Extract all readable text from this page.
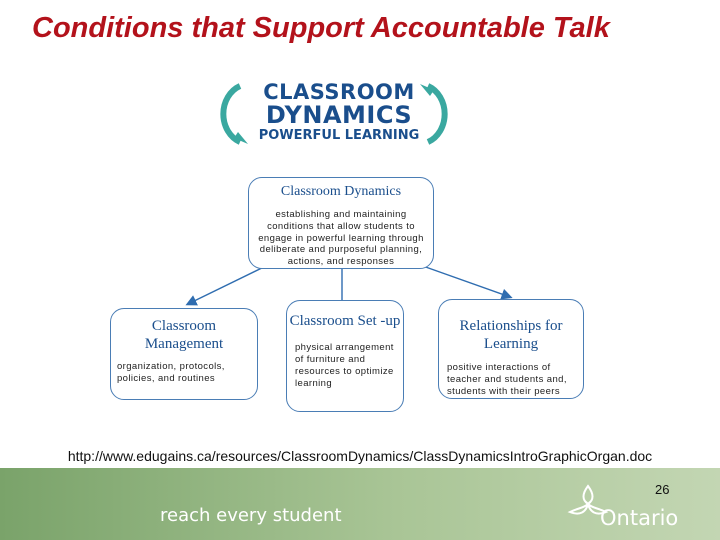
Conditions that Support Accountable Talk
CLASSROOM
DYNAMICS
POWERFUL LEARNING
Classroom Dynamics
establishing and maintaining conditions that allow students to engage in powerful learning through deliberate and purposeful planning, actions, and responses
Classroom Management
organization, protocols, policies, and routines
Classroom Set -up
physical arrangement of furniture and resources to optimize learning
Relationships for Learning
positive interactions of teacher and students and, students with their peers
http://www.edugains.ca/resources/ClassroomDynamics/ClassDynamicsIntroGraphicOrgan.doc
reach every student
26
Ontario
